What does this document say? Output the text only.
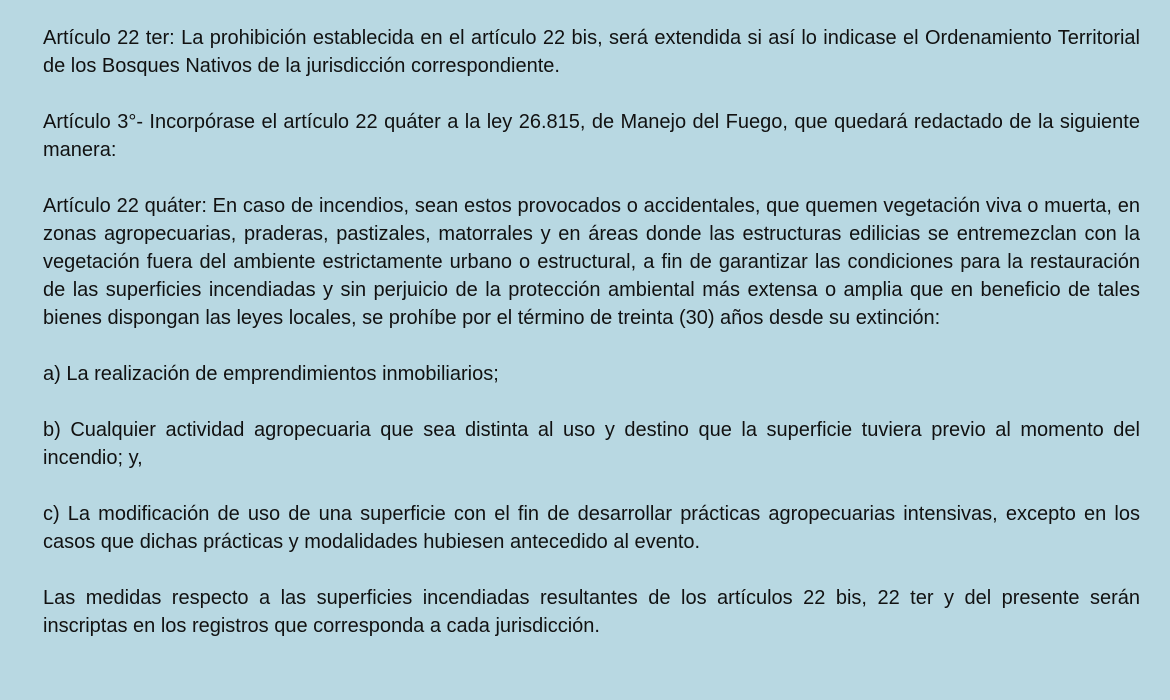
Artículo 22 ter: La prohibición establecida en el artículo 22 bis, será extendida si así lo indicase el Ordenamiento Territorial de los Bosques Nativos de la jurisdicción correspondiente.

Artículo 3°- Incorpórase el artículo 22 quáter a la ley 26.815, de Manejo del Fuego, que quedará redactado de la siguiente manera:

Artículo 22 quáter: En caso de incendios, sean estos provocados o accidentales, que quemen vegetación viva o muerta, en zonas agropecuarias, praderas, pastizales, matorrales y en áreas donde las estructuras edilicias se entremezclan con la vegetación fuera del ambiente estrictamente urbano o estructural, a fin de garantizar las condiciones para la restauración de las superficies incendiadas y sin perjuicio de la protección ambiental más extensa o amplia que en beneficio de tales bienes dispongan las leyes locales, se prohíbe por el término de treinta (30) años desde su extinción:

a) La realización de emprendimientos inmobiliarios;

b) Cualquier actividad agropecuaria que sea distinta al uso y destino que la superficie tuviera previo al momento del incendio; y,

c) La modificación de uso de una superficie con el fin de desarrollar prácticas agropecuarias intensivas, excepto en los casos que dichas prácticas y modalidades hubiesen antecedido al evento.

Las medidas respecto a las superficies incendiadas resultantes de los artículos 22 bis, 22 ter y del presente serán inscriptas en los registros que corresponda a cada jurisdicción.
